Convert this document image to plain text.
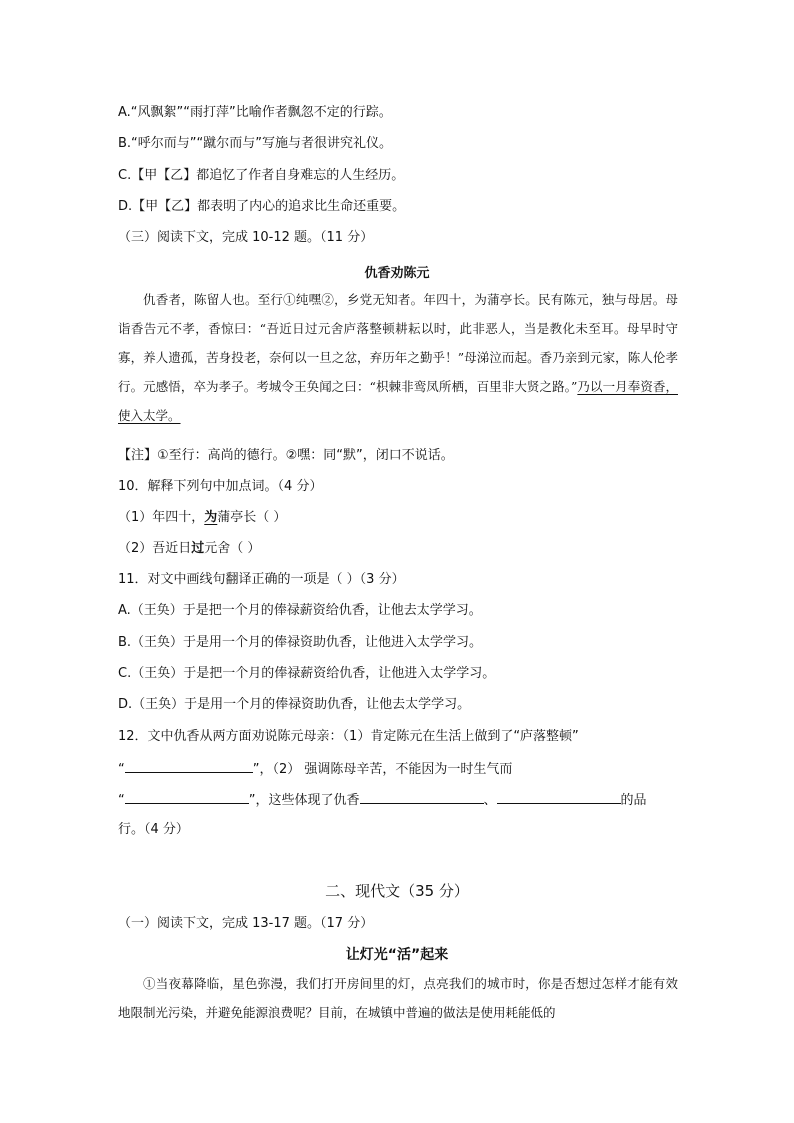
A.“风飘絮”“雨打萍”比喻作者飘忽不定的行踪。
B.“呼尔而与”“蹴尔而与”写施与者很讲究礼仪。
C.【甲【乙】都追忆了作者自身难忘的人生经历。
D.【甲【乙】都表明了内心的追求比生命还重要。
（三）阅读下文，完成 10-12 题。（11 分）
仇香劝陈元
仇香者，陈留人也。至行①纯嘿②，乡党无知者。年四十，为蒲亭长。民有陈元，独与母居。母诣香告元不孝，香惊曰：“吾近日过元舍庐落整顿耕耘以时，此非恶人，当是教化未至耳。母早时守寡，养人遗孤，苦身投老，奈何以一旦之忿，弃历年之勤乎！”母涕泣而起。香乃亲到元家，陈人伦孝行。元感悟，卒为孝子。考城令王奂闻之曰：“枳棘非鸾凤所栖，百里非大贤之路。”乃以一月奉资香，使入太学。
【注】①至行：高尚的德行。②嘿：同“默”，闭口不说话。
10．解释下列句中加点词。（4 分）
（1）年四十，为蒲亭长（ ）
（2）吾近日过元舍（ ）
11．对文中画线句翻译正确的一项是（ ）（3 分）
A.（王奂）于是把一个月的俸禄薪资给仇香，让他去太学学习。
B.（王奂）于是用一个月的俸禄资助仇香，让他进入太学学习。
C.（王奂）于是把一个月的俸禄薪资给仇香，让他进入太学学习。
D.（王奂）于是用一个月的俸禄资助仇香，让他去太学学习。
12．文中仇香从两方面劝说陈元母亲：（1）肯定陈元在生活上做到了“庐落整顿”
“	”，（2） 强调陈母辛苦，不能因为一时生气而
“	”，这些体现了仇香	、	的品
行。（4 分）
二、现代文（35 分）
（一）阅读下文，完成 13-17 题。（17 分）
让灯光“活”起来
①当夜幕降临，星色弥漫，我们打开房间里的灯，点亮我们的城市时，你是否想过怎样才能有效地限制光污染，并避免能源浪费呢？目前，在城镇中普遍的做法是使用耗能低的
